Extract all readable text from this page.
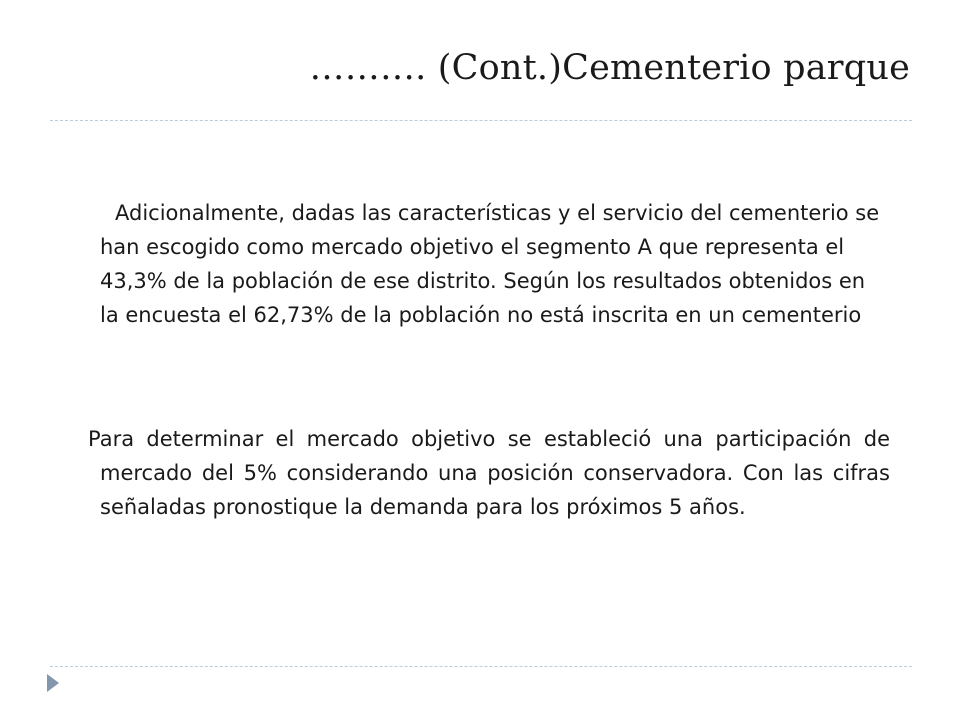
………. (Cont.)Cementerio parque

Adicionalmente, dadas las características y el servicio del cementerio se han escogido como mercado objetivo el segmento A que representa el 43,3% de la población de ese distrito. Según los resultados obtenidos en la encuesta el 62,73% de la población no está inscrita en un cementerio

Para determinar el mercado objetivo se estableció una participación de mercado del 5% considerando una posición conservadora. Con las cifras señaladas pronostique la demanda para los próximos 5 años.
